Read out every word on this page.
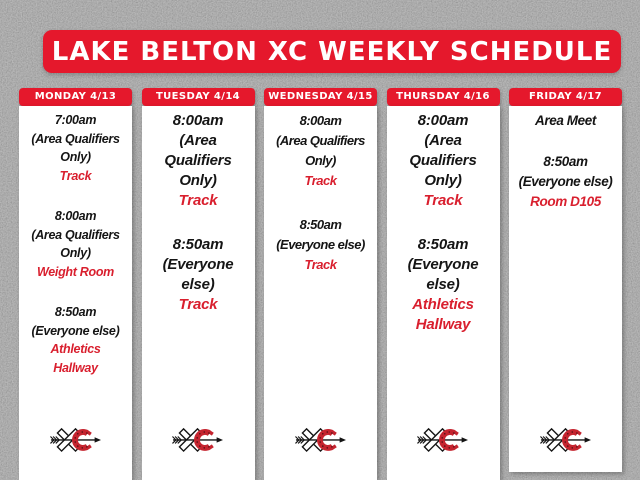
LAKE BELTON XC WEEKLY SCHEDULE
MONDAY 4/13
7:00am
(Area Qualifiers
Only)
Track
8:00am
(Area Qualifiers
Only)
Weight Room
8:50am
(Everyone else)
Athletics
Hallway
TUESDAY 4/14
8:00am
(Area
Qualifiers
Only)
Track
8:50am
(Everyone
else)
Track
WEDNESDAY 4/15
8:00am
(Area Qualifiers
Only)
Track
8:50am
(Everyone else)
Track
THURSDAY 4/16
8:00am
(Area
Qualifiers
Only)
Track
8:50am
(Everyone
else)
Athletics
Hallway
FRIDAY 4/17
Area Meet
8:50am
(Everyone else)
Room D105
